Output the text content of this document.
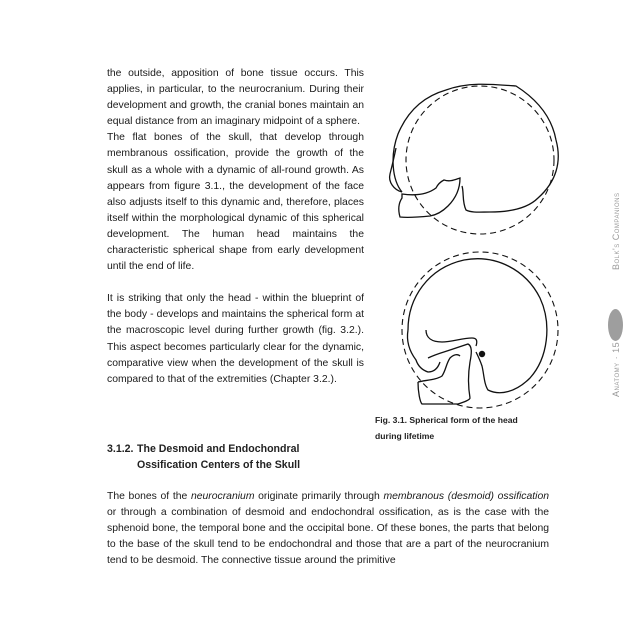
the outside, apposition of bone tissue occurs. This applies, in particular, to the neurocranium. During their development and growth, the cranial bones maintain an equal distance from an imaginary midpoint of a sphere.

The flat bones of the skull, that develop through membranous ossification, provide the growth of the skull as a whole with a dynamic of all-round growth. As appears from figure 3.1., the development of the face also adjusts itself to this dynamic and, therefore, places itself within the morphological dynamic of this spherical development. The human head maintains the characteristic spherical shape from early development until the end of life.

It is striking that only the head - within the blueprint of the body - develops and maintains the spherical form at the macroscopic level during further growth (fig. 3.2.). This aspect becomes particularly clear for the dynamic, comparative view when the development of the skull is compared to that of the extremities (Chapter 3.2.).

Fig. 3.1. Spherical form of the head
during lifetime
3.1.2. The Desmoid and Endochondral
Ossification Centers of the Skull

The bones of the neurocranium originate primarily through membranous (desmoid) ossification or through a combination of desmoid and endochondral ossification, as is the case with the sphenoid bone, the temporal bone and the occipital bone. Of these bones, the parts that belong to the base of the skull tend to be endochondral and those that are a part of the neurocranium tend to be desmoid. The connective tissue around the primitive

Bolk's Companions
Anatomy · 15
